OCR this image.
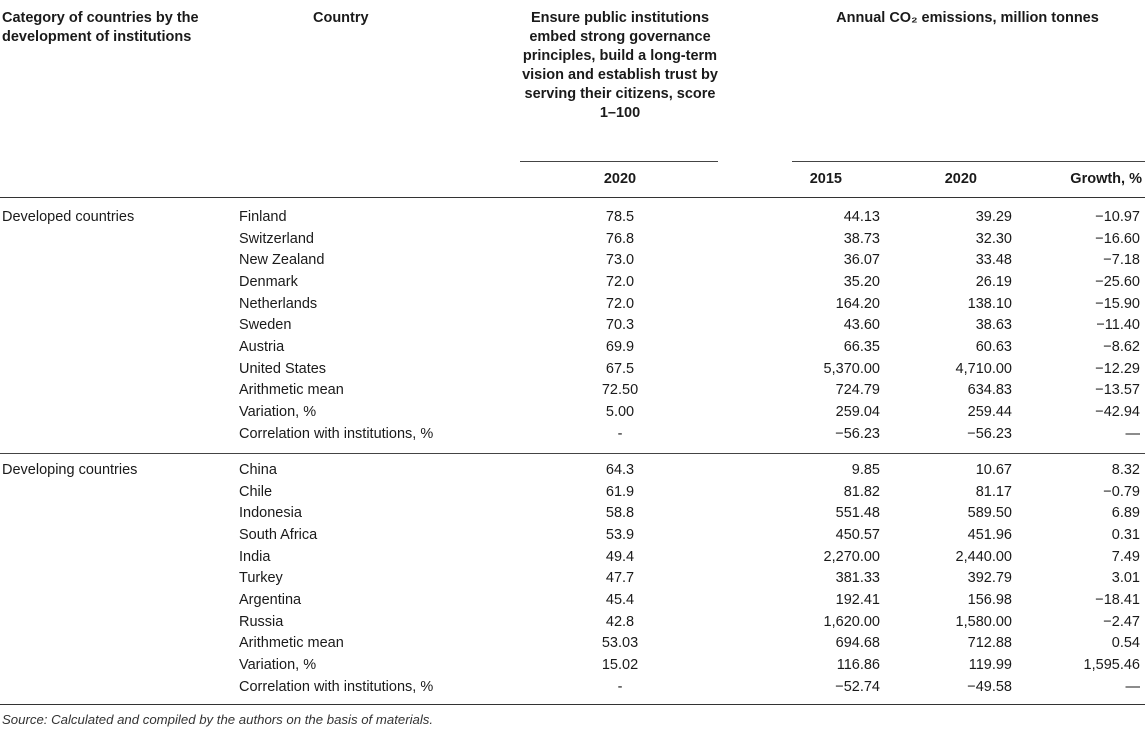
Category of countries by the development of institutions
Country	Ensure public institutions embed strong governance principles, build a long-term vision and establish trust by serving their citizens, score 1–100
Annual CO₂ emissions, million tonnes
2020	2015	2020	Growth, %
Developed countries	Finland	78.5	44.13	39.29	−10.97
Switzerland	76.8	38.73	32.30	−16.60
New Zealand	73.0	36.07	33.48	−7.18
Denmark	72.0	35.20	26.19	−25.60
Netherlands	72.0	164.20	138.10	−15.90
Sweden	70.3	43.60	38.63	−11.40
Austria	69.9	66.35	60.63	−8.62
United States	67.5	5,370.00	4,710.00	−12.29
Arithmetic mean	72.50	724.79	634.83	−13.57
Variation, %	5.00	259.04	259.44	−42.94
Correlation with institutions, %	-	−56.23	−56.23	—
Developing countries	China	64.3	9.85	10.67	8.32
Chile	61.9	81.82	81.17	−0.79
Indonesia	58.8	551.48	589.50	6.89
South Africa	53.9	450.57	451.96	0.31
India	49.4	2,270.00	2,440.00	7.49
Turkey	47.7	381.33	392.79	3.01
Argentina	45.4	192.41	156.98	−18.41
Russia	42.8	1,620.00	1,580.00	−2.47
Arithmetic mean	53.03	694.68	712.88	0.54
Variation, %	15.02	116.86	119.99	1,595.46
Correlation with institutions, %	-	−52.74	−49.58	—
Source: Calculated and compiled by the authors on the basis of materials.
